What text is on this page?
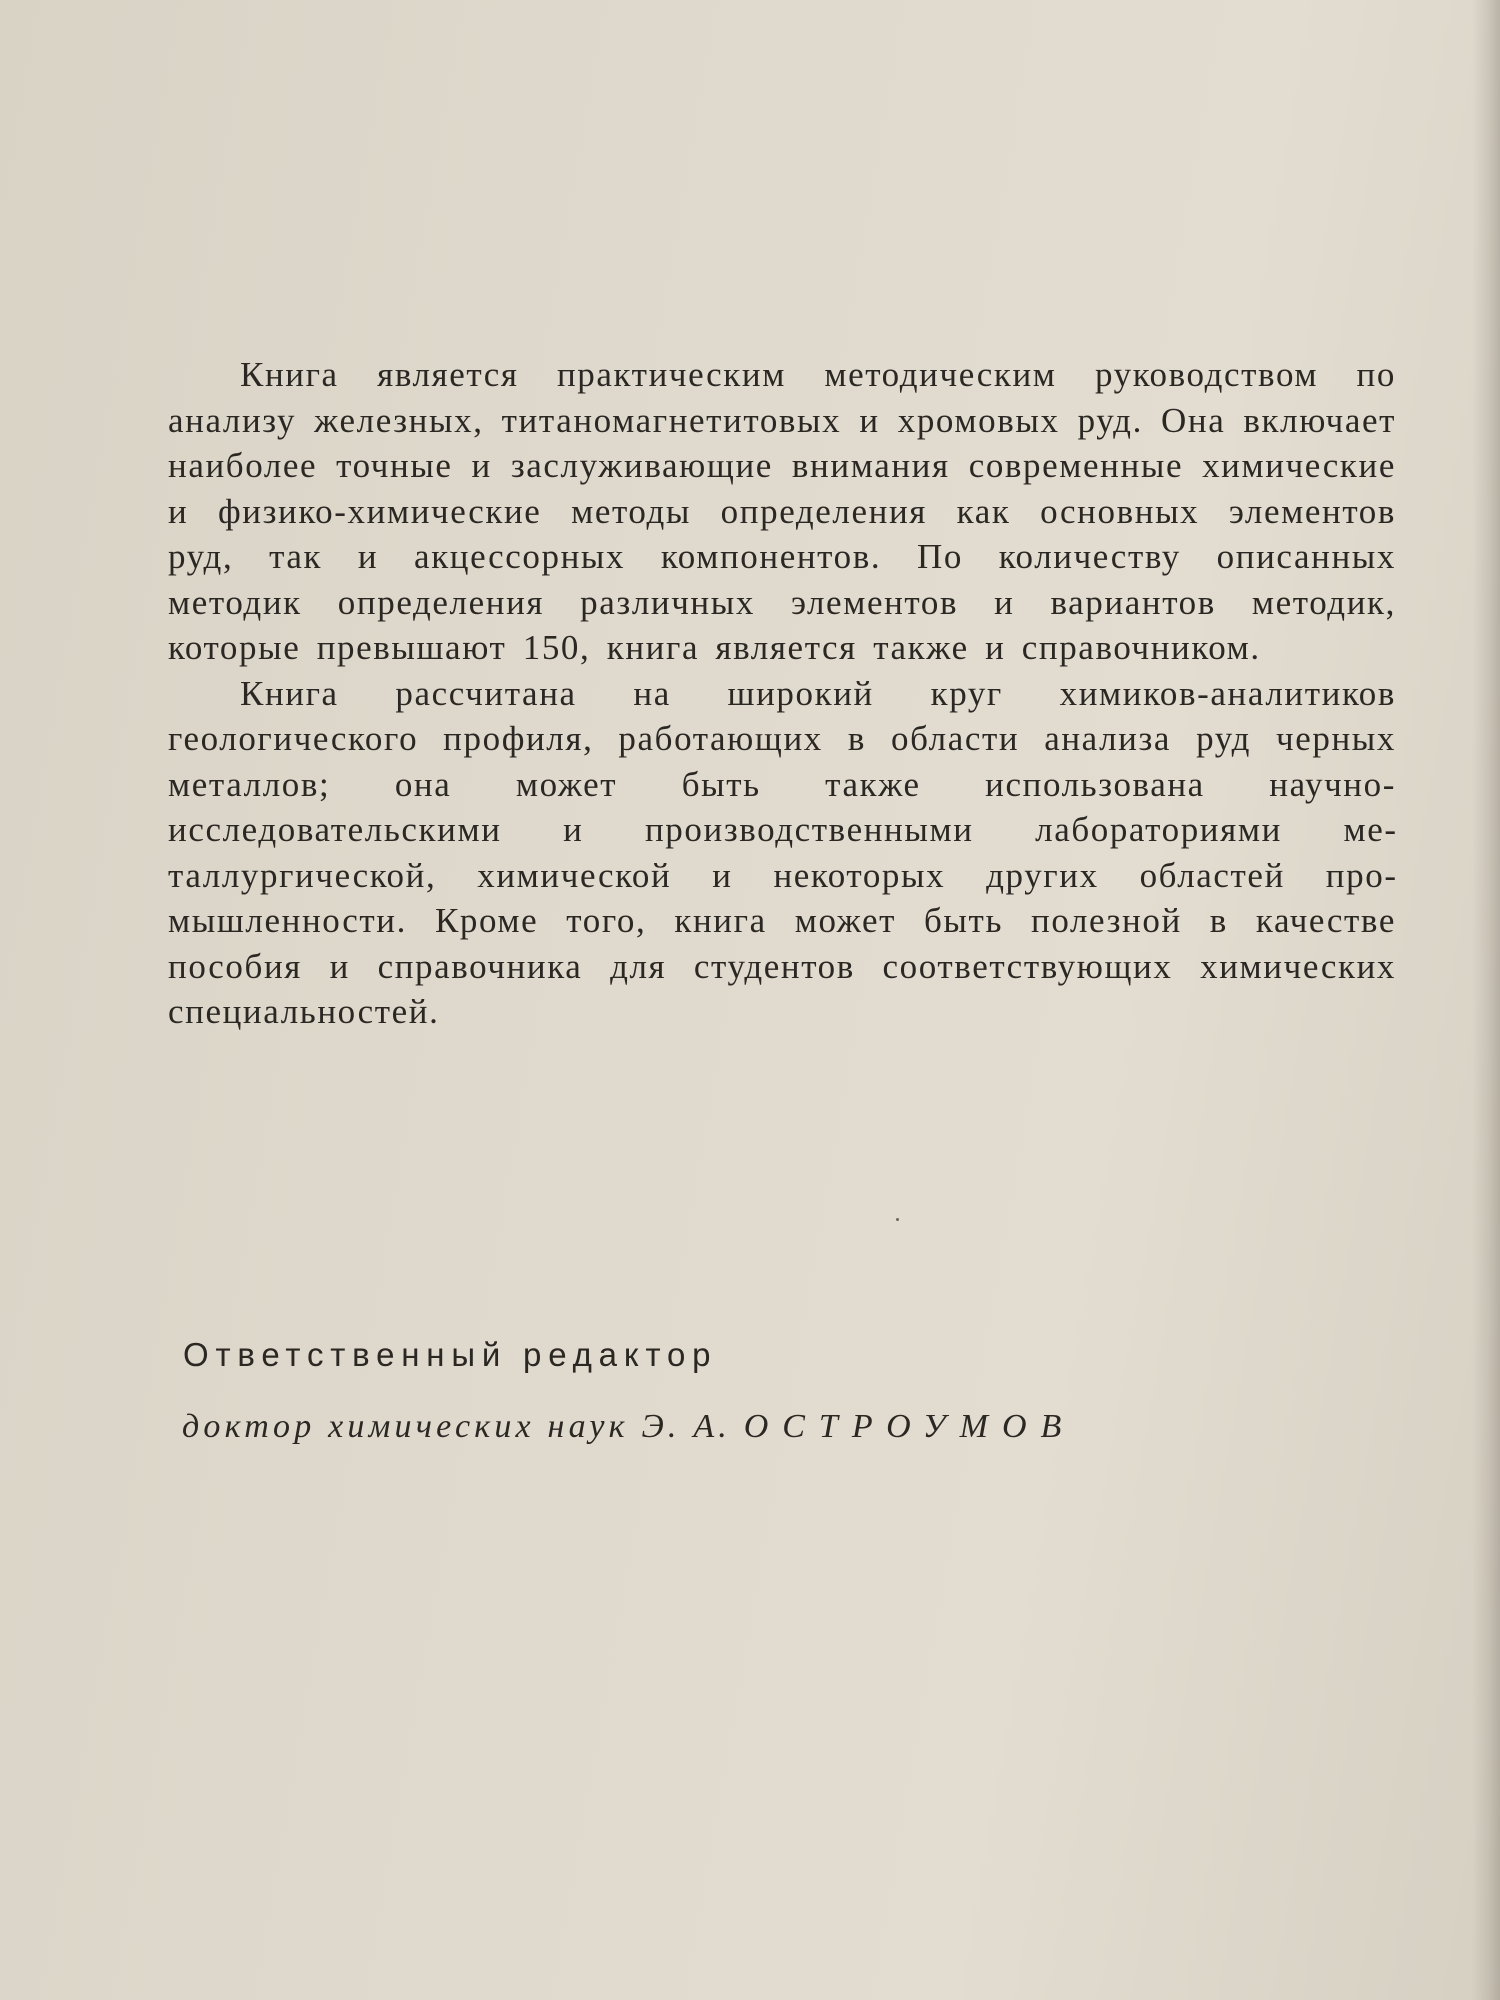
Книга является практическим методическим руководством по анализу железных, титаномагнетитовых и хромовых руд. Она включает наиболее точные и заслуживающие внимания современные химические и физико-химические методы определения как основных элементов руд, так и акцессорных компонентов. По количеству описанных методик определения различных элементов и вариантов методик, которые превышают 150, книга является также и справочником.

Книга рассчитана на широкий круг химиков-аналитиков геологического профиля, работающих в области анализа руд черных металлов; она может быть также использована научно-исследовательскими и производственными лабораториями металлургической, химической и некоторых других областей промышленности. Кроме того, книга может быть полезной в качестве пособия и справочника для студентов соответствующих химических специальностей.

Ответственный редактор
доктор химических наук Э. А. ОСТРОУМОВ
